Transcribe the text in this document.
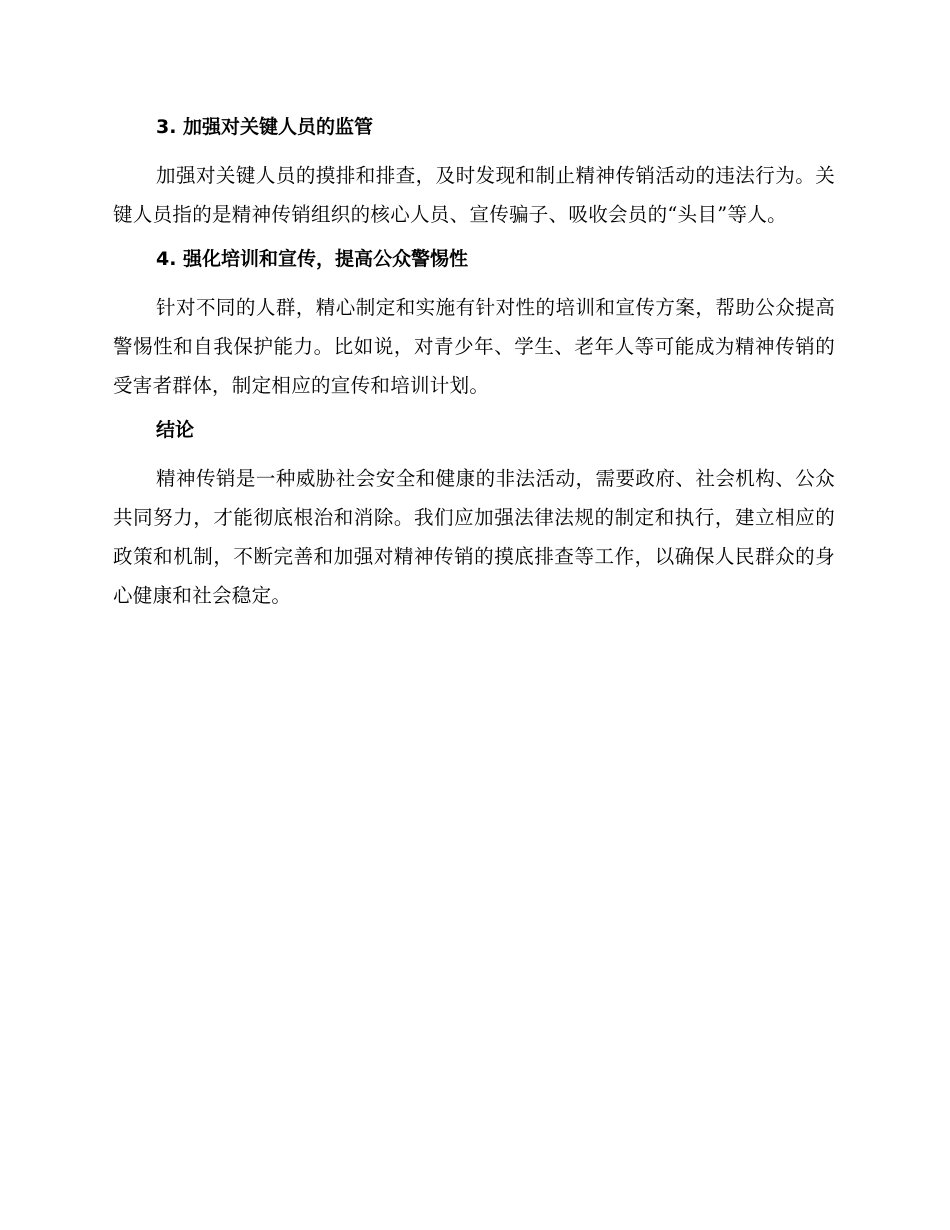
3. 加强对关键人员的监管

加强对关键人员的摸排和排查，及时发现和制止精神传销活动的违法行为。关键人员指的是精神传销组织的核心人员、宣传骗子、吸收会员的“头目”等人。

4. 强化培训和宣传，提高公众警惕性

针对不同的人群，精心制定和实施有针对性的培训和宣传方案，帮助公众提高警惕性和自我保护能力。比如说，对青少年、学生、老年人等可能成为精神传销的受害者群体，制定相应的宣传和培训计划。

结论

精神传销是一种威胁社会安全和健康的非法活动，需要政府、社会机构、公众共同努力，才能彻底根治和消除。我们应加强法律法规的制定和执行，建立相应的政策和机制，不断完善和加强对精神传销的摸底排查等工作，以确保人民群众的身心健康和社会稳定。
